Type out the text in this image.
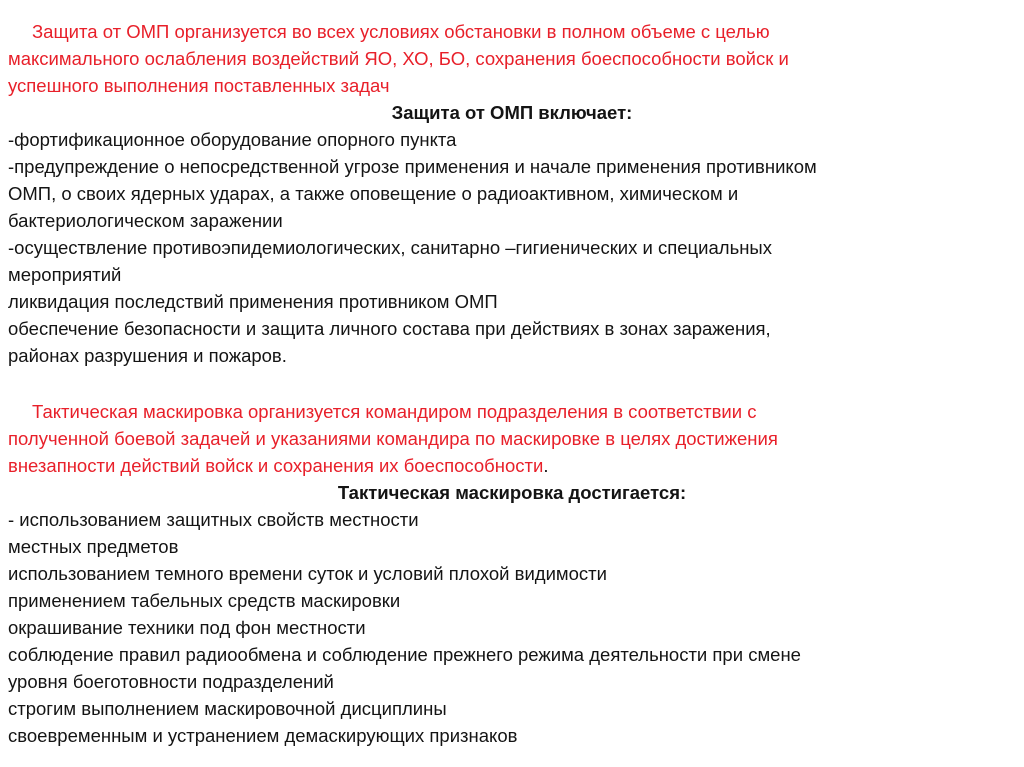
Защита от ОМП организуется во всех условиях обстановки в полном объеме с целью
максимального ослабления воздействий ЯО, ХО, БО, сохранения боеспособности войск и
успешного выполнения поставленных задач
Защита от ОМП включает:
-фортификационное оборудование опорного пункта
-предупреждение о непосредственной угрозе применения и начале применения противником
ОМП, о своих ядерных ударах, а также оповещение о радиоактивном, химическом и
бактериологическом заражении
-осуществление противоэпидемиологических, санитарно –гигиенических и специальных
мероприятий
ликвидация последствий применения противником ОМП
обеспечение безопасности и защита личного состава при действиях в зонах заражения,
районах разрушения и пожаров.
Тактическая маскировка организуется командиром подразделения в соответствии с
полученной боевой задачей и указаниями командира по маскировке в целях достижения
внезапности действий войск и сохранения их боеспособности.
Тактическая маскировка достигается:
- использованием защитных свойств местности
местных предметов
использованием темного времени суток и условий плохой видимости
применением табельных средств маскировки
окрашивание техники под фон местности
соблюдение правил радиообмена и соблюдение прежнего режима деятельности при смене
уровня боеготовности подразделений
строгим выполнением маскировочной дисциплины
своевременным и устранением демаскирующих признаков
